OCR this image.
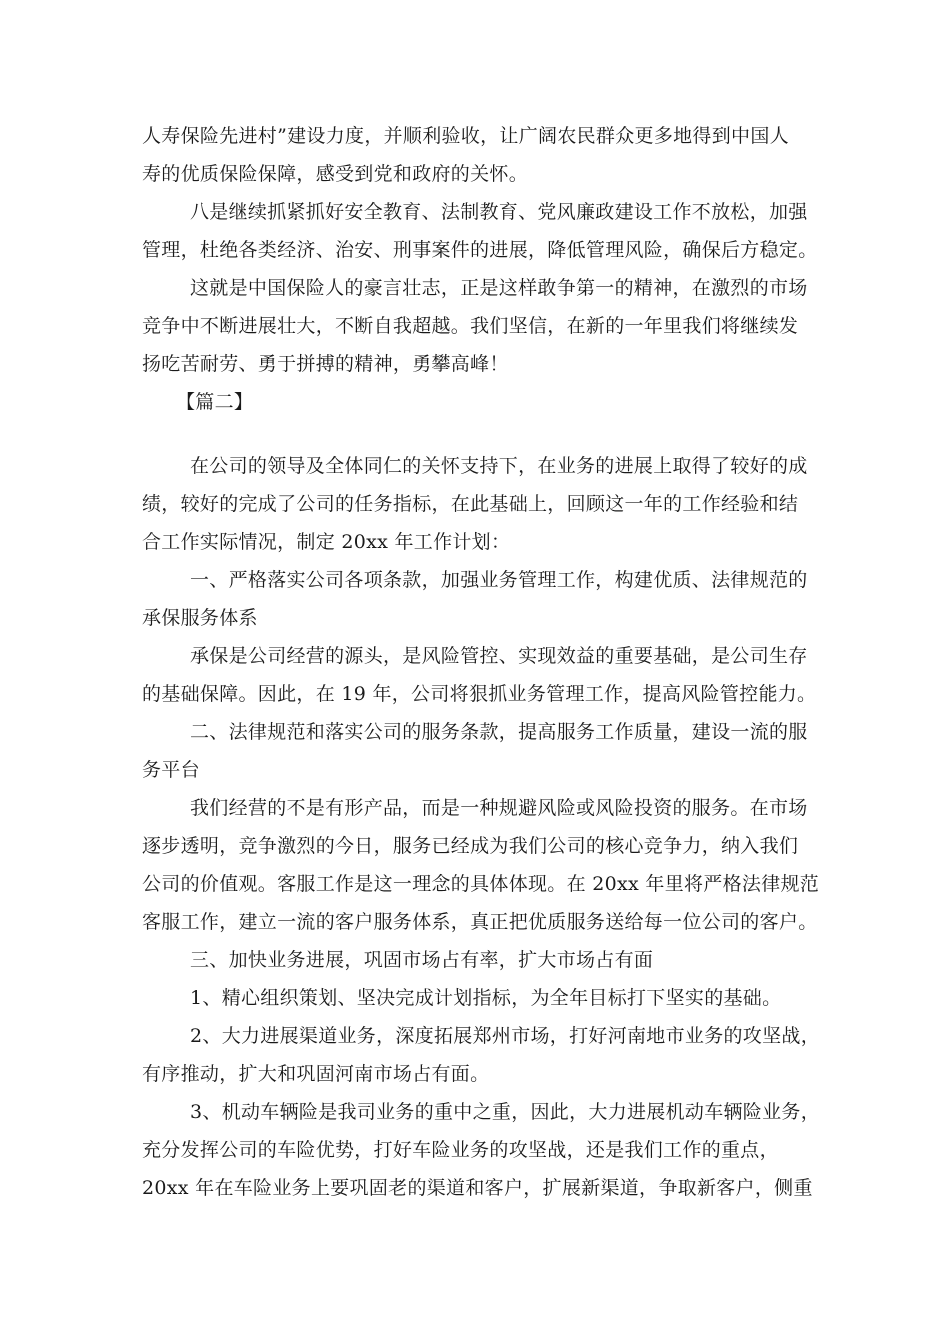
人寿保险先进村”建设力度，并顺利验收，让广阔农民群众更多地得到中国人
寿的优质保险保障，感受到党和政府的关怀。
八是继续抓紧抓好安全教育、法制教育、党风廉政建设工作不放松，加强
管理，杜绝各类经济、治安、刑事案件的进展，降低管理风险，确保后方稳定。
这就是中国保险人的豪言壮志，正是这样敢争第一的精神，在激烈的市场
竞争中不断进展壮大，不断自我超越。我们坚信，在新的一年里我们将继续发
扬吃苦耐劳、勇于拼搏的精神，勇攀高峰！
【篇二】
在公司的领导及全体同仁的关怀支持下，在业务的进展上取得了较好的成
绩，较好的完成了公司的任务指标，在此基础上，回顾这一年的工作经验和结
合工作实际情况，制定 20xx 年工作计划：
一、严格落实公司各项条款，加强业务管理工作，构建优质、法律规范的
承保服务体系
承保是公司经营的源头，是风险管控、实现效益的重要基础，是公司生存
的基础保障。因此，在 19 年，公司将狠抓业务管理工作，提高风险管控能力。
二、法律规范和落实公司的服务条款，提高服务工作质量，建设一流的服
务平台
我们经营的不是有形产品，而是一种规避风险或风险投资的服务。在市场
逐步透明，竞争激烈的今日，服务已经成为我们公司的核心竞争力，纳入我们
公司的价值观。客服工作是这一理念的具体体现。在 20xx 年里将严格法律规范
客服工作，建立一流的客户服务体系，真正把优质服务送给每一位公司的客户。
三、加快业务进展，巩固市场占有率，扩大市场占有面
1、精心组织策划、坚决完成计划指标，为全年目标打下坚实的基础。
2、大力进展渠道业务，深度拓展郑州市场，打好河南地市业务的攻坚战，
有序推动，扩大和巩固河南市场占有面。
3、机动车辆险是我司业务的重中之重，因此，大力进展机动车辆险业务，
充分发挥公司的车险优势，打好车险业务的攻坚战，还是我们工作的重点，
20xx 年在车险业务上要巩固老的渠道和客户，扩展新渠道，争取新客户，侧重
